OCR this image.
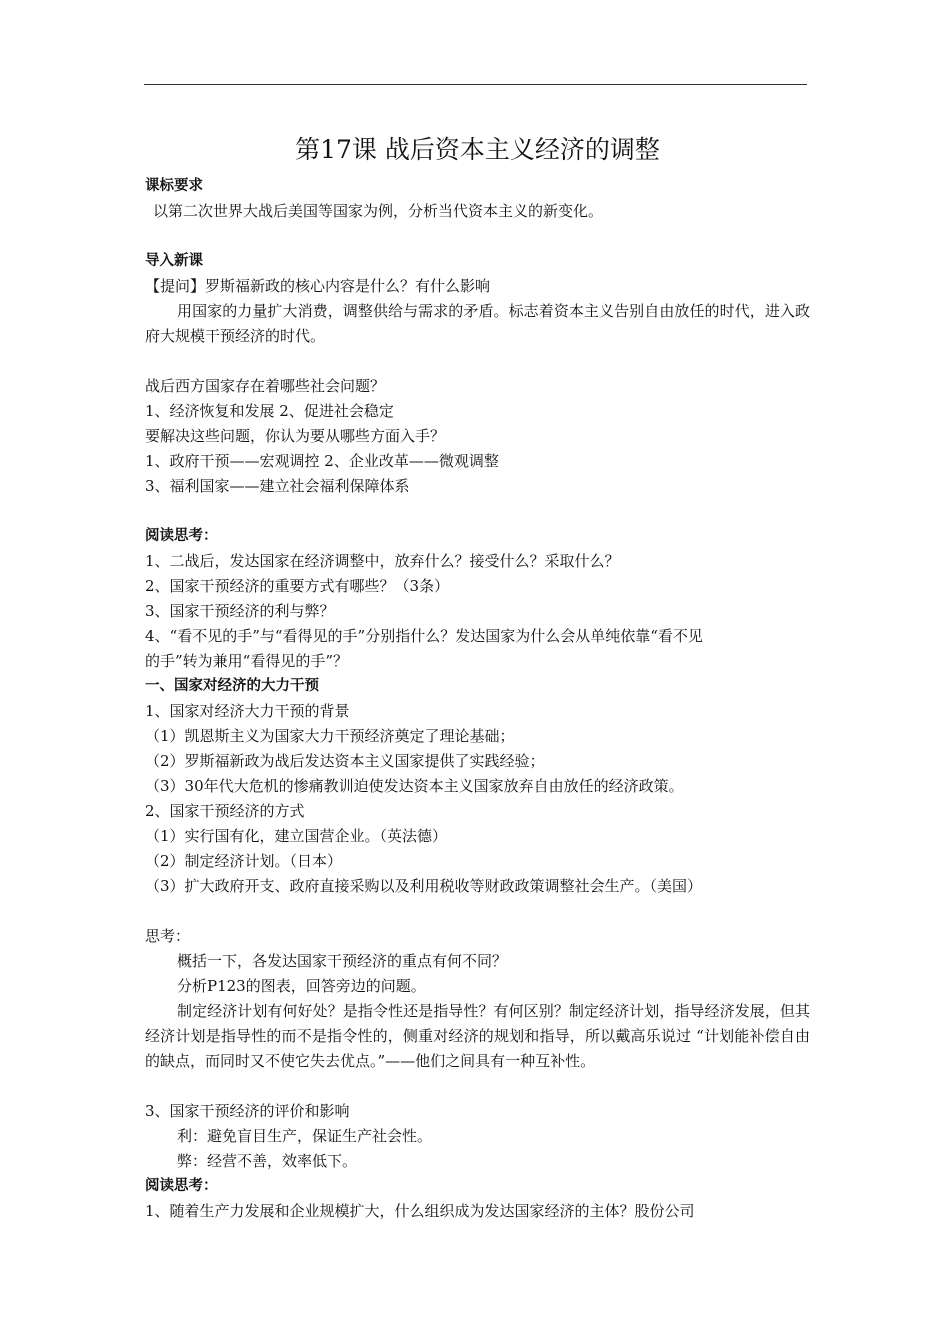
第17课 战后资本主义经济的调整
课标要求
以第二次世界大战后美国等国家为例，分析当代资本主义的新变化。
导入新课
【提问】罗斯福新政的核心内容是什么？有什么影响
用国家的力量扩大消费，调整供给与需求的矛盾。标志着资本主义告别自由放任的时代，进入政府大规模干预经济的时代。
战后西方国家存在着哪些社会问题？
1、经济恢复和发展 2、促进社会稳定
要解决这些问题，你认为要从哪些方面入手？
1、政府干预——宏观调控 2、企业改革——微观调整
3、福利国家——建立社会福利保障体系
阅读思考：
1、二战后，发达国家在经济调整中，放弃什么？接受什么？采取什么？
2、国家干预经济的重要方式有哪些？（3条）
3、国家干预经济的利与弊？
4、“看不见的手”与“看得见的手”分别指什么？发达国家为什么会从单纯依靠“看不见
的手”转为兼用“看得见的手”？
一、国家对经济的大力干预
1、国家对经济大力干预的背景
（1）凯恩斯主义为国家大力干预经济奠定了理论基础；
（2）罗斯福新政为战后发达资本主义国家提供了实践经验；
（3）30年代大危机的惨痛教训迫使发达资本主义国家放弃自由放任的经济政策。
2、国家干预经济的方式
（1）实行国有化，建立国营企业。（英法德）
（2）制定经济计划。（日本）
（3）扩大政府开支、政府直接采购以及利用税收等财政政策调整社会生产。（美国）
思考：
概括一下，各发达国家干预经济的重点有何不同？
分析P123的图表，回答旁边的问题。
制定经济计划有何好处？是指令性还是指导性？有何区别？制定经济计划，指导经济发展，但其经济计划是指导性的而不是指令性的，侧重对经济的规划和指导，所以戴高乐说过 “计划能补偿自由的缺点，而同时又不使它失去优点。”——他们之间具有一种互补性。
3、国家干预经济的评价和影响
利：避免盲目生产，保证生产社会性。
弊：经营不善，效率低下。
阅读思考：
1、随着生产力发展和企业规模扩大，什么组织成为发达国家经济的主体？股份公司
